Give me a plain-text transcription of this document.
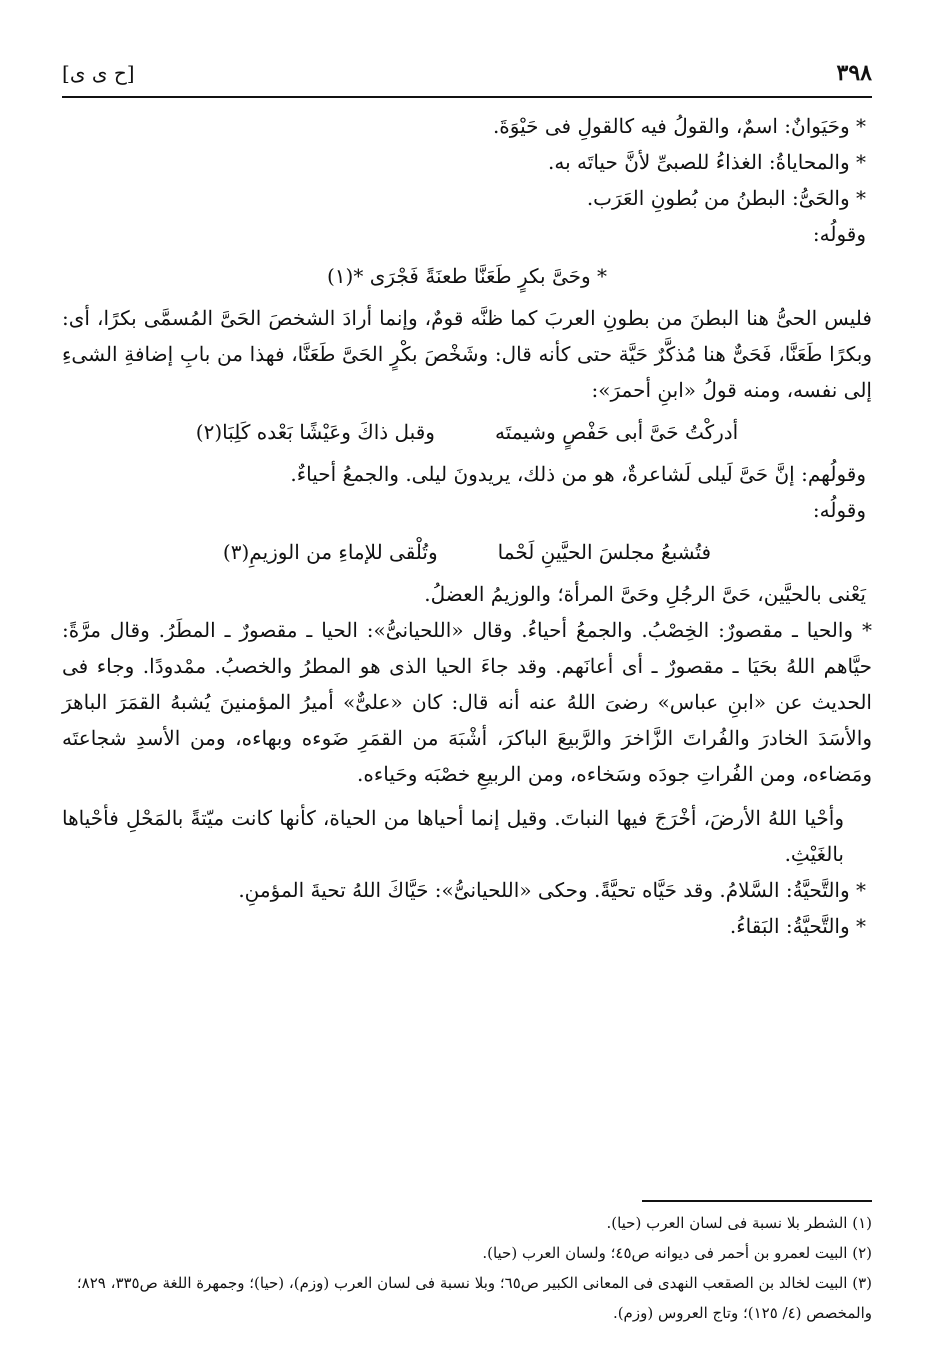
٣٩٨
[ح ى ى]

* وحَيَوانٌ: اسمٌ، والقولُ فيه كالقولِ فى حَيْوَةَ.

* والمحاياةُ: الغذاءُ للصبىِّ لأنَّ حياتَه به.

* والحَىُّ: البطنُ من بُطونِ العَرَب.

وقولُه:

* وحَىَّ بكرٍ طَعَنَّا طعنَةً فَجْرَى *(١)

فليس الحىُّ هنا البطنَ من بطونِ العربَ كما ظنَّه قومٌ، وإنما أرادَ الشخصَ الحَىَّ المُسمَّى بكرًا، أى: وبكرًا طَعَنَّا، فَحَىٌّ هنا مُذكَّرٌ حَيَّة حتى كأنه قال: وشَخْصَ بكْرٍ الحَىَّ طَعَنَّا، فهذا من بابِ إضافةِ الشىءِ إلى نفسه، ومنه قولُ «ابنِ أحمرَ»:

أدركْتُ حَىَّ أبى حَفْصٍ وشيمتَه
وقبل ذاكَ وعَيْشًا بَعْده كَلِبَا(٢)

وقولُهم: إنَّ حَىَّ لَيلى لَشاعرةٌ، هو من ذلك، يريدونَ ليلى. والجمعُ أحياءٌ.

وقولُه:

فتُشبعُ مجلسَ الحيَّينِ لَحْما
وتُلْقى للإماءِ من الوزيمِ(٣)

يَعْنى بالحيَّين، حَىَّ الرجُلِ وحَىَّ المرأة؛ والوزيمُ العضلُ.

* والحيا ـ مقصورٌ: الخِصْبُ. والجمعُ أحياءُ. وقال «اللحيانىُّ»: الحيا ـ مقصورٌ ـ المطَرُ. وقال مرَّةً: حيَّاهم اللهُ بحَيَا ـ مقصورٌ ـ أى أعانَهم. وقد جاءَ الحيا الذى هو المطرُ والخصبُ. ممْدودًا. وجاء فى الحديث عن «ابنِ عباس» رضىَ اللهُ عنه أنه قال: كان «علىٌّ» أميرُ المؤمنينَ يُشبهُ القمَرَ الباهرَ والأسَدَ الخادرَ والفُراتَ الزَّاخرَ والرَّبيعَ الباكرَ، أشْبَهَ من القمَرِ ضَوءه وبهاءه، ومن الأسدِ شجاعتَه ومَضاءه، ومن الفُراتِ جودَه وسَخاءه، ومن الربيعِ خصْبَه وحَياءه.

وأحْيا اللهُ الأرضَ، أخْرَجَ فيها النباتَ. وقيل إنما أحياها من الحياة، كأنها كانت ميّتةً بالمَحْلِ فأحْياها بالغَيْثِ.

* والتَّحيَّةُ: السَّلامُ. وقد حَيَّاه تحيَّةً. وحكى «اللحيانىُّ»: حَيَّاكَ اللهُ تحيةَ المؤمنِ.

* والتَّحيَّةُ: البَقاءُ.

(١) الشطر بلا نسبة فى لسان العرب (حيا).

(٢) البيت لعمرو بن أحمر فى ديوانه ص٤٥؛ ولسان العرب (حيا).

(٣) البيت لخالد بن الصقعب النهدى فى المعانى الكبير ص٦٥؛ وبلا نسبة فى لسان العرب (وزم)، (حيا)؛ وجمهرة اللغة ص٣٣٥، ٨٢٩؛ والمخصص (٤/ ١٢٥)؛ وتاج العروس (وزم).
